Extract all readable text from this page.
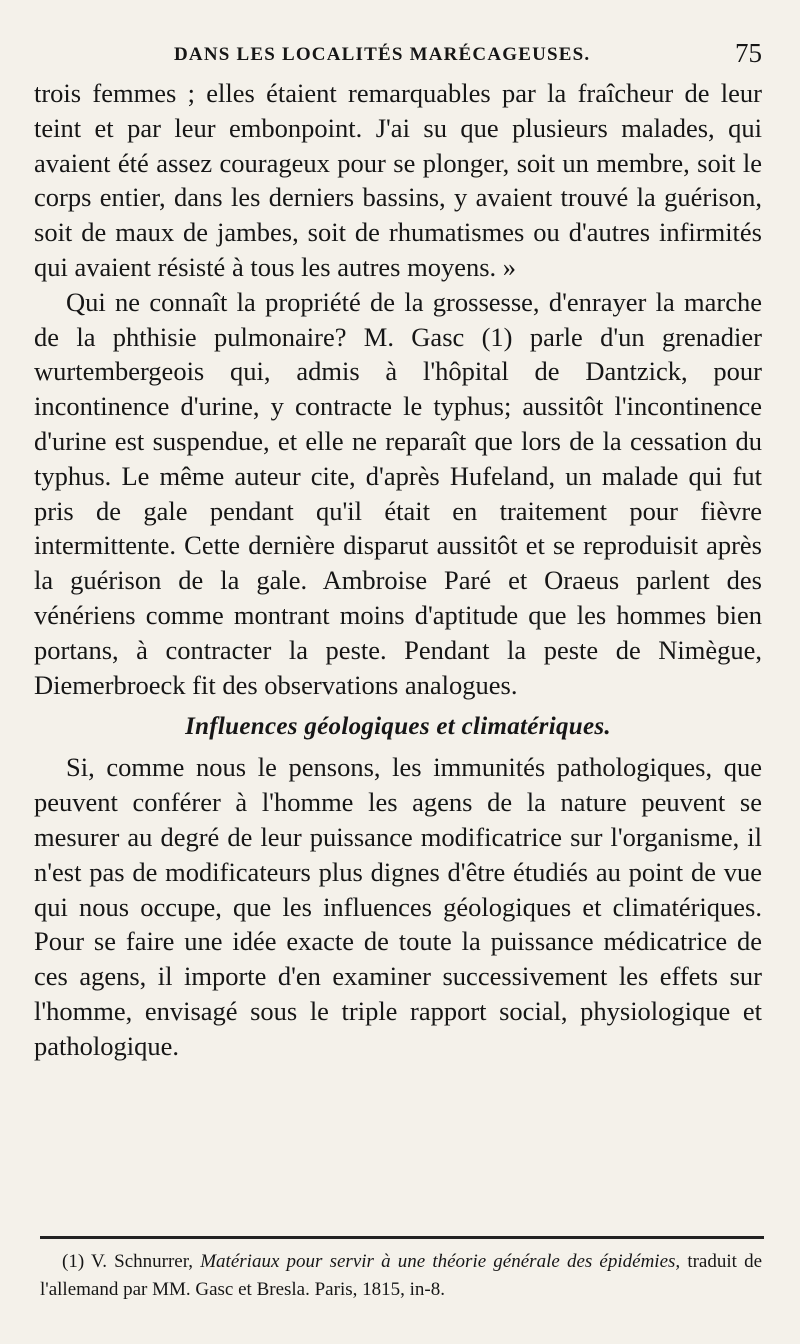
DANS LES LOCALITÉS MARÉCAGEUSES.	75

trois femmes ; elles étaient remarquables par la fraîcheur de leur teint et par leur embonpoint. J'ai su que plusieurs malades, qui avaient été assez courageux pour se plonger, soit un membre, soit le corps entier, dans les derniers bassins, y avaient trouvé la guérison, soit de maux de jambes, soit de rhumatismes ou d'autres infirmités qui avaient résisté à tous les autres moyens. »

Qui ne connaît la propriété de la grossesse, d'enrayer la marche de la phthisie pulmonaire? M. Gasc (1) parle d'un grenadier wurtembergeois qui, admis à l'hôpital de Dantzick, pour incontinence d'urine, y contracte le typhus; aussitôt l'incontinence d'urine est suspendue, et elle ne reparaît que lors de la cessation du typhus. Le même auteur cite, d'après Hufeland, un malade qui fut pris de gale pendant qu'il était en traitement pour fièvre intermittente. Cette dernière disparut aussitôt et se reproduisit après la guérison de la gale. Ambroise Paré et Oraeus parlent des vénériens comme montrant moins d'aptitude que les hommes bien portans, à contracter la peste. Pendant la peste de Nimègue, Diemerbroeck fit des observations analogues.

Influences géologiques et climatériques.

Si, comme nous le pensons, les immunités pathologiques, que peuvent conférer à l'homme les agens de la nature peuvent se mesurer au degré de leur puissance modificatrice sur l'organisme, il n'est pas de modificateurs plus dignes d'être étudiés au point de vue qui nous occupe, que les influences géologiques et climatériques. Pour se faire une idée exacte de toute la puissance médicatrice de ces agens, il importe d'en examiner successivement les effets sur l'homme, envisagé sous le triple rapport social, physiologique et pathologique.

(1) V. Schnurrer, Matériaux pour servir à une théorie générale des épidémies, traduit de l'allemand par MM. Gasc et Bresla. Paris, 1815, in-8.
